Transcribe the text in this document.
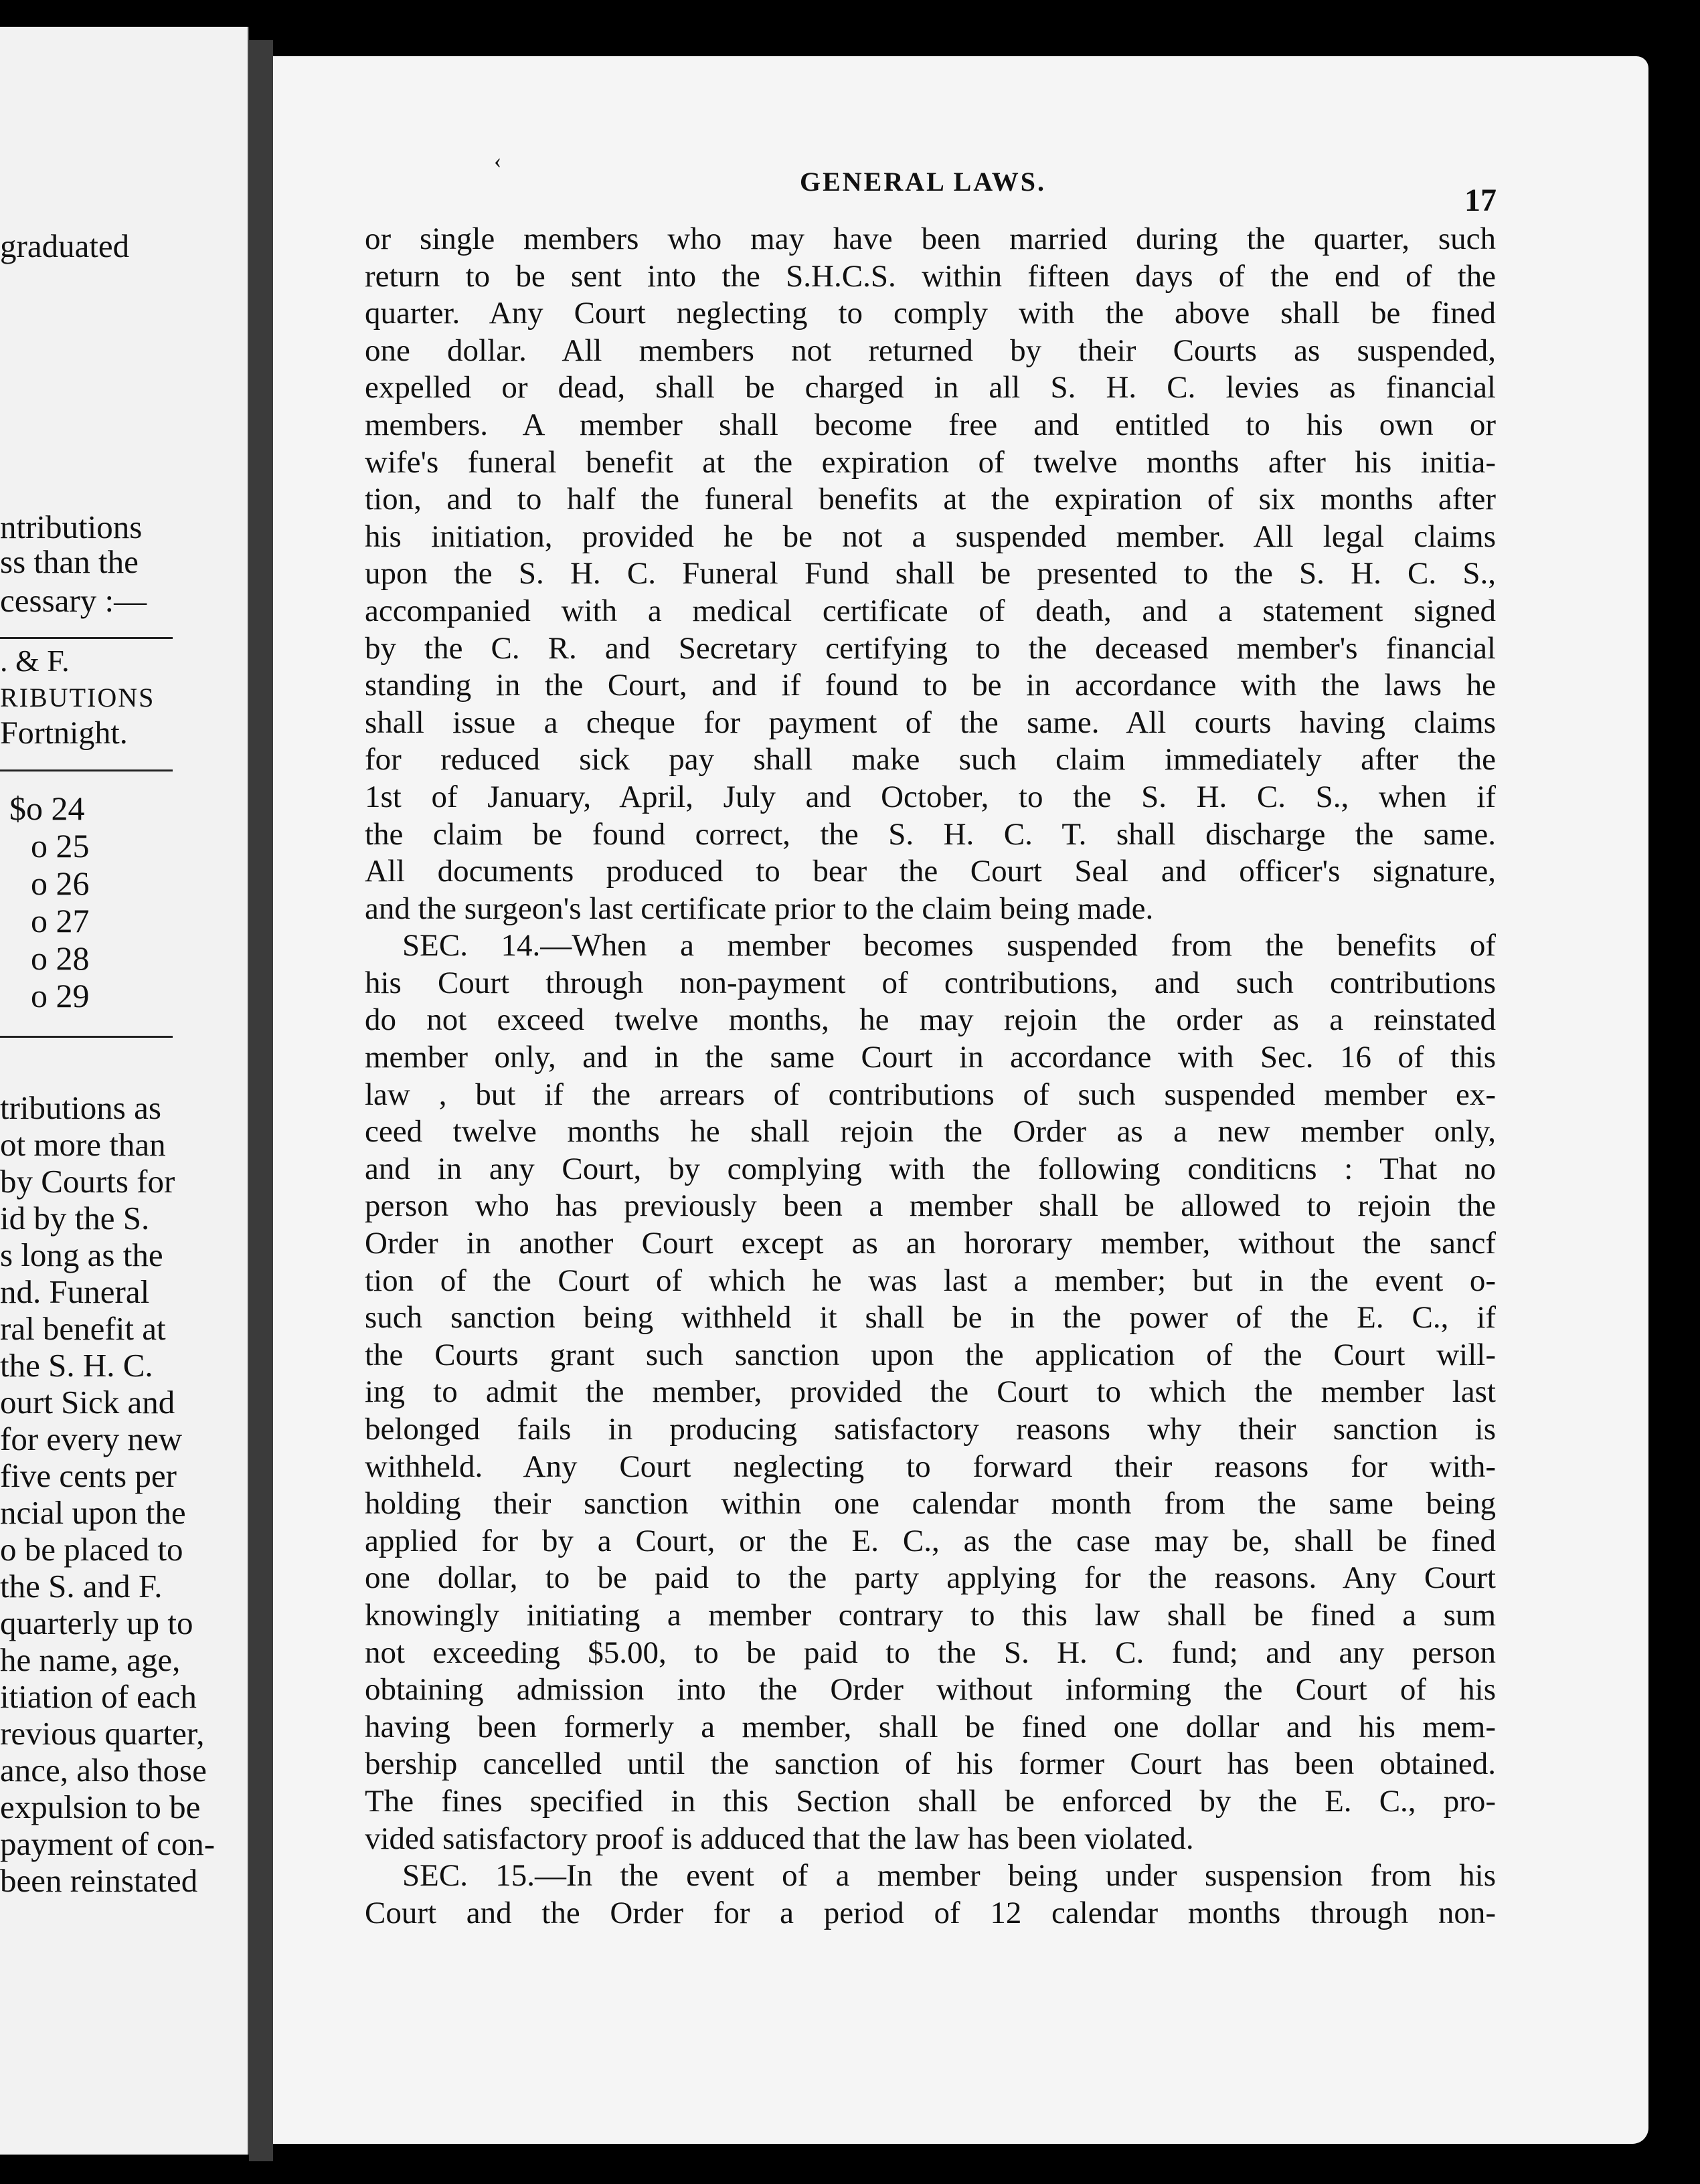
graduated
ntributions
ss than the
cessary :—
. & F.
RIBUTIONS
Fortnight.
$o 24
o 25
o 26
o 27
o 28
o 29
tributions as
ot more than
by Courts for
id by the S.
s long as the
nd. Funeral
ral benefit at
the S. H. C.
ourt Sick and
for every new
five cents per
ncial upon the
o be placed to
the S. and F.
quarterly up to
he name, age,
itiation of each
revious quarter,
ance, also those
expulsion to be
payment of con-
been reinstated
‹
GENERAL LAWS.
17
or single members who may have been married during the quarter, such
return to be sent into the S.H.C.S. within fifteen days of the end of the
quarter. Any Court neglecting to comply with the above shall be fined
one dollar. All members not returned by their Courts as suspended,
expelled or dead, shall be charged in all S. H. C. levies as financial
members. A member shall become free and entitled to his own or
wife's funeral benefit at the expiration of twelve months after his initia-
tion, and to half the funeral benefits at the expiration of six months after
his initiation, provided he be not a suspended member. All legal claims
upon the S. H. C. Funeral Fund shall be presented to the S. H. C. S.,
accompanied with a medical certificate of death, and a statement signed
by the C. R. and Secretary certifying to the deceased member's financial
standing in the Court, and if found to be in accordance with the laws he
shall issue a cheque for payment of the same. All courts having claims
for reduced sick pay shall make such claim immediately after the
1st of January, April, July and October, to the S. H. C. S., when if
the claim be found correct, the S. H. C. T. shall discharge the same.
All documents produced to bear the Court Seal and officer's signature,
and the surgeon's last certificate prior to the claim being made.
SEC. 14.—When a member becomes suspended from the benefits of
his Court through non-payment of contributions, and such contributions
do not exceed twelve months, he may rejoin the order as a reinstated
member only, and in the same Court in accordance with Sec. 16 of this
law , but if the arrears of contributions of such suspended member ex-
ceed twelve months he shall rejoin the Order as a new member only,
and in any Court, by complying with the following conditicns : That no
person who has previously been a member shall be allowed to rejoin the
Order in another Court except as an hororary member, without the sancf
tion of the Court of which he was last a member; but in the event o-
such sanction being withheld it shall be in the power of the E. C., if
the Courts grant such sanction upon the application of the Court will-
ing to admit the member, provided the Court to which the member last
belonged fails in producing satisfactory reasons why their sanction is
withheld. Any Court neglecting to forward their reasons for with-
holding their sanction within one calendar month from the same being
applied for by a Court, or the E. C., as the case may be, shall be fined
one dollar, to be paid to the party applying for the reasons. Any Court
knowingly initiating a member contrary to this law shall be fined a sum
not exceeding $5.00, to be paid to the S. H. C. fund; and any person
obtaining admission into the Order without informing the Court of his
having been formerly a member, shall be fined one dollar and his mem-
bership cancelled until the sanction of his former Court has been obtained.
The fines specified in this Section shall be enforced by the E. C., pro-
vided satisfactory proof is adduced that the law has been violated.
SEC. 15.—In the event of a member being under suspension from his
Court and the Order for a period of 12 calendar months through non-
